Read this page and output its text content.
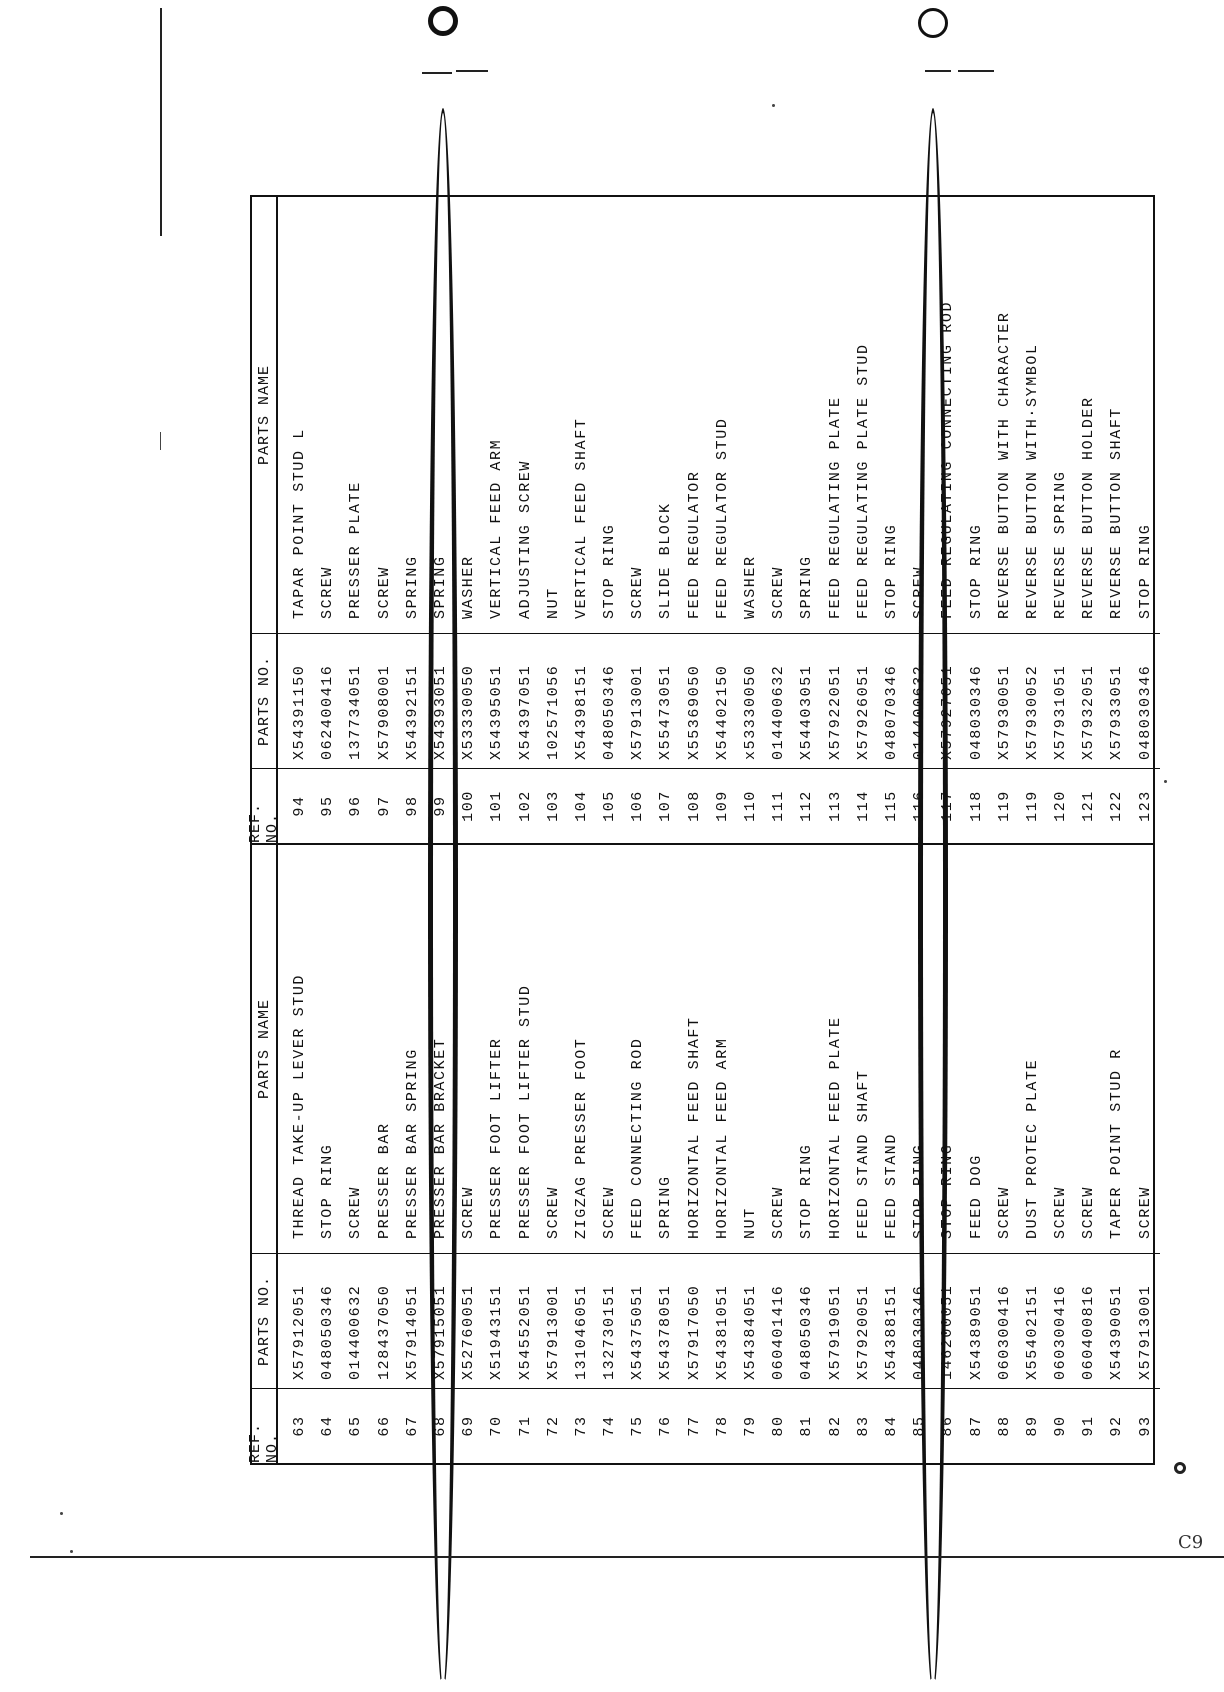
C9
REF. NO.
PARTS NO.
PARTS NAME
63 64 65 66 67 68 69 70 71 72 73 74 75 76 77 78 79 80 81 82 83 84 85 86 87 88 89 90 91 92 93
X57912051 048050346 014400632 128437050 X57914051 X57915051 X52760051 X51943151 X54552051 X57913001 131046051 132730151 X54375051 X54378051 X57917050 X54381051 X54384051 060401416 048050346 X57919051 X57920051 X54388151 048030346 146200051 X54389051 060300416 X55402151 060300416 060400816 X54390051 X57913001
THREAD TAKE-UP LEVER STUD STOP RING SCREW PRESSER BAR PRESSER BAR SPRING PRESSER BAR BRACKET SCREW PRESSER FOOT LIFTER PRESSER FOOT LIFTER STUD SCREW ZIGZAG PRESSER FOOT SCREW FEED CONNECTING ROD SPRING HORIZONTAL FEED SHAFT HORIZONTAL FEED ARM NUT SCREW STOP RING HORIZONTAL FEED PLATE FEED STAND SHAFT FEED STAND STOP RING STOP RING FEED DOG SCREW DUST PROTEC PLATE SCREW SCREW TAPER POINT STUD R SCREW
REF. NO.
PARTS NO.
PARTS NAME
94 95 96 97 98 99 100 101 102 103 104 105 106 107 108 109 110 111 112 113 114 115 116 117 118 119 119 120 121 122 123
X54391150 062400416 137734051 X57908001 X54392151 X54393051 X53330050 X54395051 X54397051 102571056 X54398151 048050346 X57913001 X55473051 X55369050 X54402150 x53330050 014400632 X54403051 X57922051 X57926051 048070346 014400632 X57927051 048030346 X57930051 X57930052 X57931051 X57932051 X57933051 048030346
TAPAR POINT STUD L SCREW PRESSER PLATE SCREW SPRING SPRING WASHER VERTICAL FEED ARM ADJUSTING SCREW NUT VERTICAL FEED SHAFT STOP RING SCREW SLIDE BLOCK FEED REGULATOR FEED REGULATOR STUD WASHER SCREW SPRING FEED REGULATING PLATE FEED REGULATING PLATE STUD STOP RING SCREW FEED REGULATING CONNECTING ROD STOP RING REVERSE BUTTON WITH CHARACTER REVERSE BUTTON WITH·SYMBOL REVERSE SPRING REVERSE BUTTON HOLDER REVERSE BUTTON SHAFT STOP RING
